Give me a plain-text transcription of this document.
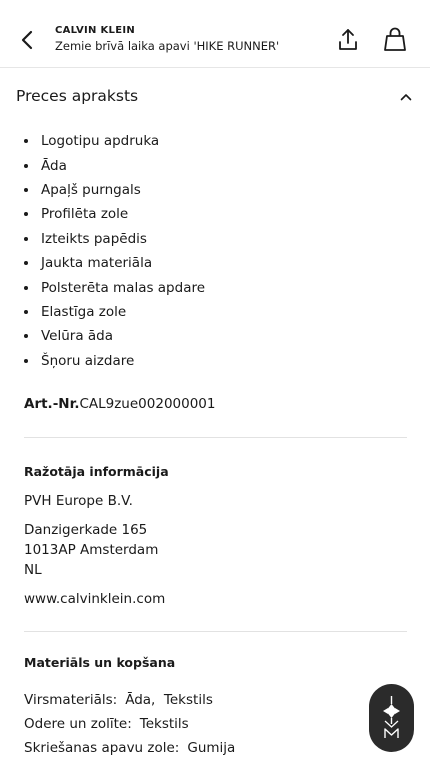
CALVIN KLEIN
Zemie brīvā laika apavi 'HIKE RUNNER'
Preces apraksts
Logotipu apdruka
Āda
Apaļš purngals
Profilēta zole
Izteikts papēdis
Jaukta materiāla
Polsterēta malas apdare
Elastīga zole
Velūra āda
Šņoru aizdare
Art.-Nr.CAL9zue002000001
Ražotāja informācija
PVH Europe B.V.
Danzigerkade 165
1013AP Amsterdam
NL
www.calvinklein.com
Materiāls un kopšana
Virsmateriāls: Āda,  Tekstils
Odere un zolīte: Tekstils
Skriešanas apavu zole: Gumija
